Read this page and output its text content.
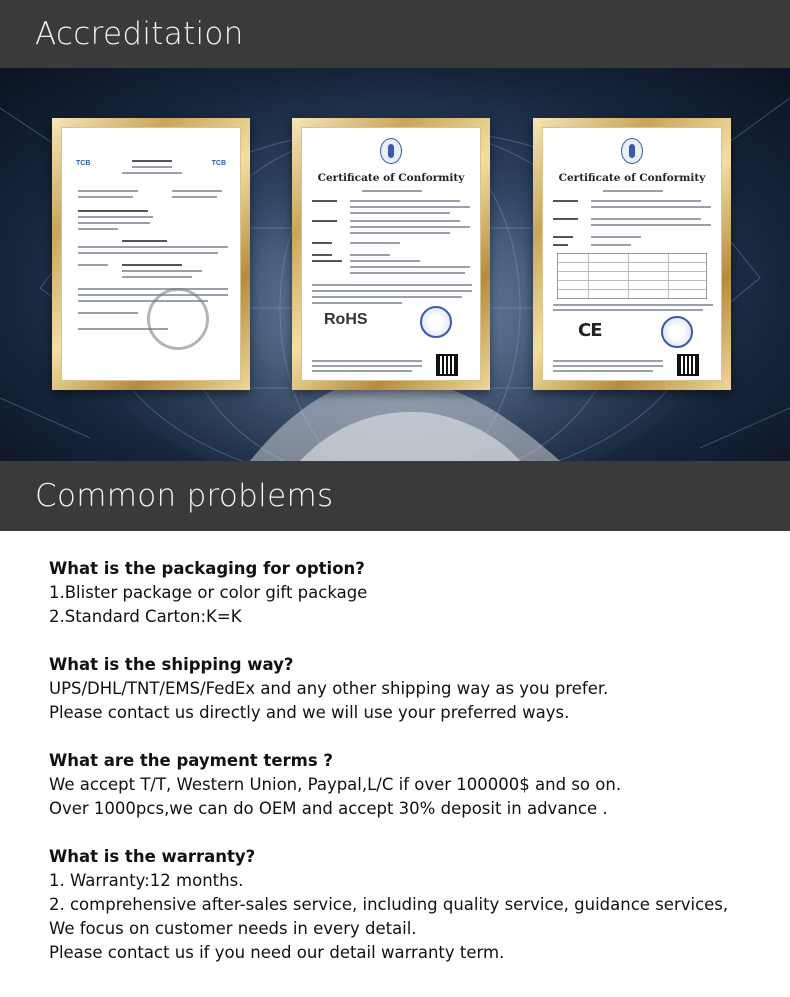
Accreditation
TCB	TCB
Certificate of Conformity
RoHS
Certificate of Conformity
CE
Common problems
What is the packaging for option?
1.Blister package or color gift package
2.Standard Carton:K=K
What is the shipping way?
UPS/DHL/TNT/EMS/FedEx and any other shipping way as you prefer.
Please contact us directly and we will use your preferred ways.
What are the payment terms ?
We accept T/T, Western Union, Paypal,L/C if over 100000$ and so on.
Over 1000pcs,we can do OEM and accept 30% deposit in advance .
What is the warranty?
1. Warranty:12 months.
2. comprehensive after-sales service, including quality service, guidance services,
We focus on customer needs in every detail.
Please contact us if you need our detail warranty term.
